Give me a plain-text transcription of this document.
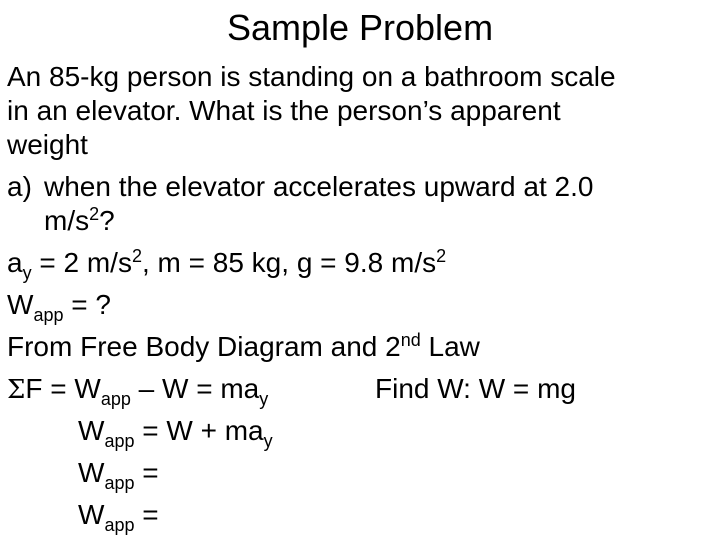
Sample Problem
An 85-kg person is standing on a bathroom scale
in an elevator. What is the person’s apparent
weight
a) when the elevator accelerates upward at 2.0
$m/s^2$?
$a_y = 2$ $m/s^2$, m = 85 kg, g = 9.8 $m/s^2$
$W_{app}$ = ?
From Free Body Diagram and 2nd Law
$\Sigma F = W_{app} - W = ma_y$	Find W: W = mg
$W_{app} = W + ma_y$
$W_{app}$ =
$W_{app}$ =
